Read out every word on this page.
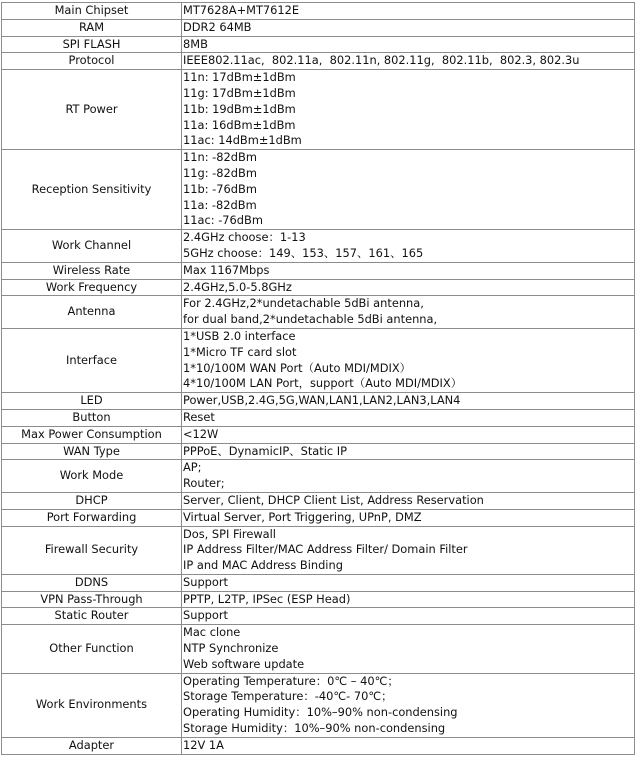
Main Chipset	MT7628A+MT7612E

RAM	DDR2 64MB

SPI FLASH	8MB

Protocol	IEEE802.11ac,  802.11a,  802.11n, 802.11g,  802.11b,  802.3, 802.3u

RT Power	11n: 17dBm±1dBm
11g: 17dBm±1dBm
11b: 19dBm±1dBm
11a: 16dBm±1dBm
11ac: 14dBm±1dBm

Reception Sensitivity	11n: -82dBm
11g: -82dBm
11b: -76dBm
11a: -82dBm
11ac: -76dBm

Work Channel	2.4GHz choose：1-13
5GHz choose：149、153、157、161、165

Wireless Rate	Max 1167Mbps

Work Frequency	2.4GHz,5.0-5.8GHz

Antenna	For 2.4GHz,2*undetachable 5dBi antenna,
for dual band,2*undetachable 5dBi antenna,

Interface	1*USB 2.0 interface
1*Micro TF card slot
1*10/100M WAN Port（Auto MDI/MDIX）
4*10/100M LAN Port，support（Auto MDI/MDIX）

LED	Power,USB,2.4G,5G,WAN,LAN1,LAN2,LAN3,LAN4

Button	Reset

Max Power Consumption	<12W

WAN Type	PPPoE、DynamicIP、Static IP

Work Mode	AP;
Router;

DHCP	Server, Client, DHCP Client List, Address Reservation

Port Forwarding	Virtual Server, Port Triggering, UPnP, DMZ

Firewall Security	Dos, SPI Firewall
IP Address Filter/MAC Address Filter/ Domain Filter
IP and MAC Address Binding

DDNS	Support

VPN Pass-Through	PPTP, L2TP, IPSec (ESP Head)

Static Router	Support

Other Function	Mac clone
NTP Synchronize
Web software update

Work Environments	Operating Temperature：0℃ – 40℃；
Storage Temperature：-40℃- 70℃；
Operating Humidity：10%–90% non-condensing
Storage Humidity：10%–90% non-condensing

Adapter	12V 1A
